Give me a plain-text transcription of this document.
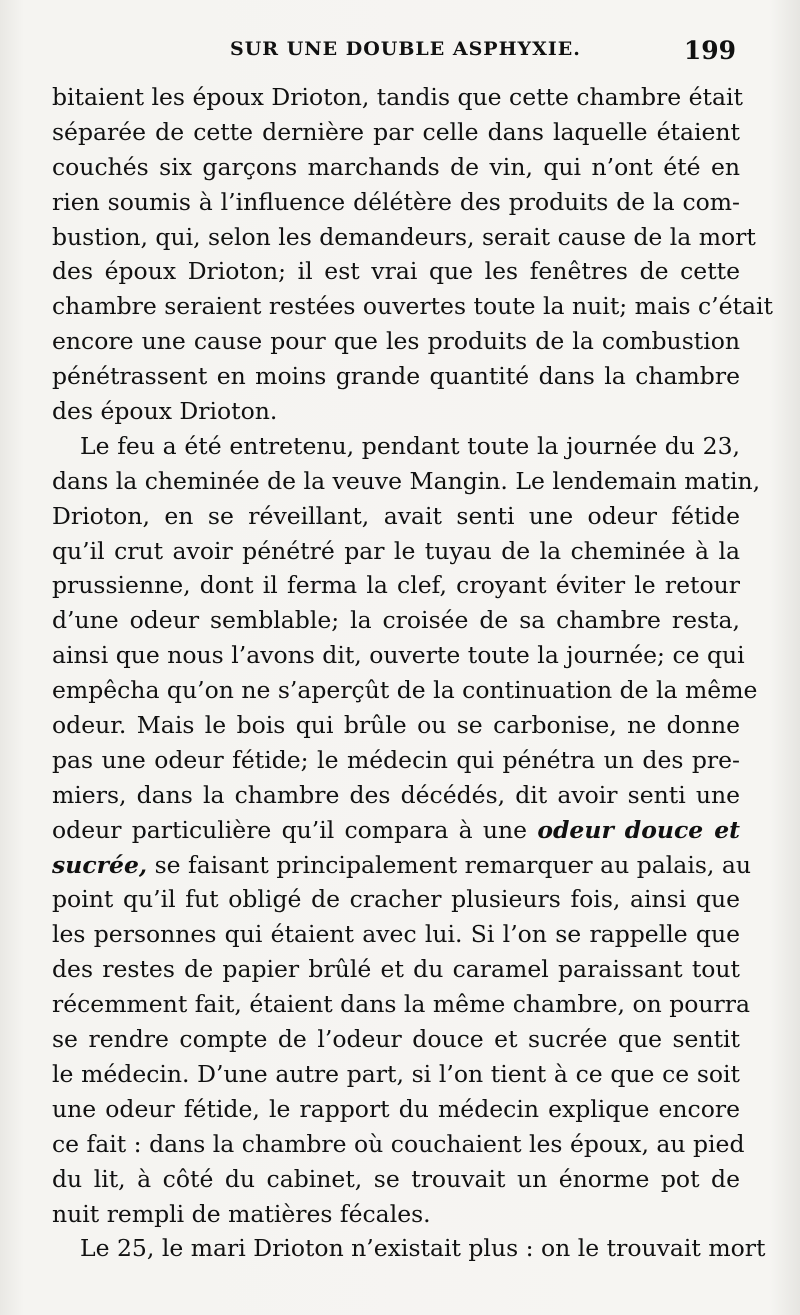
SUR UNE DOUBLE ASPHYXIE.	199
bitaient les époux Drioton, tandis que cette chambre était
séparée de cette dernière par celle dans laquelle étaient
couchés six garçons marchands de vin, qui n’ont été en
rien soumis à l’influence délétère des produits de la com-
bustion, qui, selon les demandeurs, serait cause de la mort
des époux Drioton; il est vrai que les fenêtres de cette
chambre seraient restées ouvertes toute la nuit; mais c’était
encore une cause pour que les produits de la combustion
pénétrassent en moins grande quantité dans la chambre
des époux Drioton.
Le feu a été entretenu, pendant toute la journée du 23,
dans la cheminée de la veuve Mangin. Le lendemain matin,
Drioton, en se réveillant, avait senti une odeur fétide
qu’il crut avoir pénétré par le tuyau de la cheminée à la
prussienne, dont il ferma la clef, croyant éviter le retour
d’une odeur semblable; la croisée de sa chambre resta,
ainsi que nous l’avons dit, ouverte toute la journée; ce qui
empêcha qu’on ne s’aperçût de la continuation de la même
odeur. Mais le bois qui brûle ou se carbonise, ne donne
pas une odeur fétide; le médecin qui pénétra un des pre-
miers, dans la chambre des décédés, dit avoir senti une
odeur particulière qu’il compara à une odeur douce et
sucrée, se faisant principalement remarquer au palais, au
point qu’il fut obligé de cracher plusieurs fois, ainsi que
les personnes qui étaient avec lui. Si l’on se rappelle que
des restes de papier brûlé et du caramel paraissant tout
récemment fait, étaient dans la même chambre, on pourra
se rendre compte de l’odeur douce et sucrée que sentit
le médecin. D’une autre part, si l’on tient à ce que ce soit
une odeur fétide, le rapport du médecin explique encore
ce fait : dans la chambre où couchaient les époux, au pied
du lit, à côté du cabinet, se trouvait un énorme pot de
nuit rempli de matières fécales.
Le 25, le mari Drioton n’existait plus : on le trouvait mort
